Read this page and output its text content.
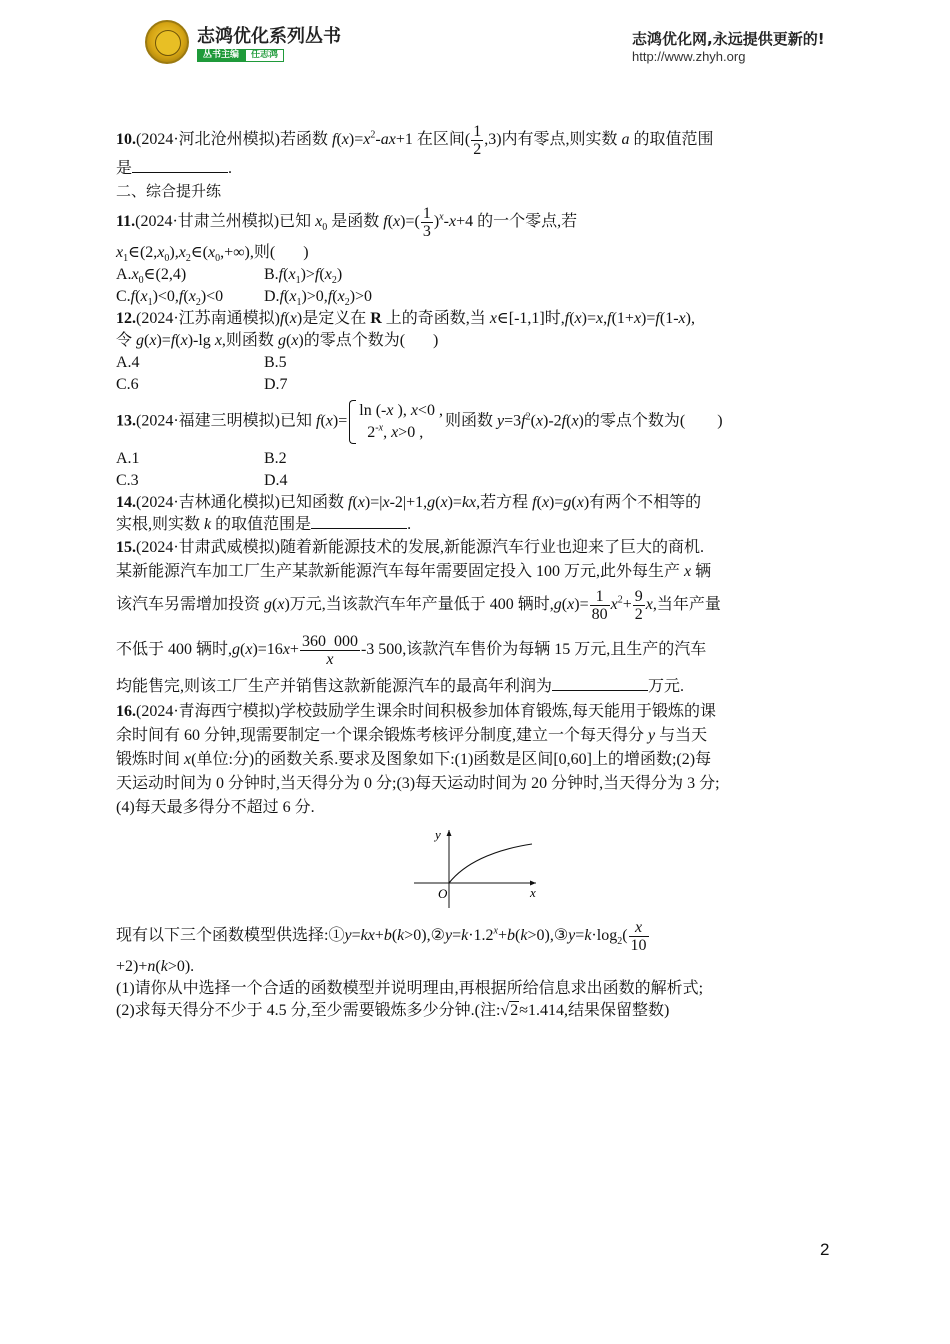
志鸿优化系列丛书
丛书主编	任志鸿
志鸿优化网,永远提供更新的!
http://www.zhyh.org

10.(2024·河北沧州模拟)若函数 $f(x)=x^2-ax+1$ 在区间( $\frac{1}{2} ,3$)内有零点,则实数 a 的取值范围

是	.

二、综合提升练

11.(2024·甘肃兰州模拟)已知 $x_0$ 是函数 $f(x)=( \frac{1}{3} )^x-x+4$ 的一个零点,若

$x_1\in(2,x_0),x_2\in(x_0,+\infty)$,则(       )

$A.x_0\in(2,4)$	$B.f(x_1)>f(x_2)$
$C.f(x_1)<0,f(x_2)<0$	$D.f(x_1)>0,f(x_2)>0$

12.(2024·江苏南通模拟)f(x)是定义在 R 上的奇函数,当 x∈[-1,1]时,f(x)=x,f(1+x)=f(1-x),

令 g(x)=f(x)-lg x,则函数 g(x)的零点个数为(       )

A.4	B.5
C.6	D.7

13.(2024·福建三明模拟)已知 f(x)=
ln (-x ), x<0 ,
$2^{-x}$, x>0 ,
则函数 $y=3f^2(x)-2f(x)$的零点个数为(        )

A.1	B.2
C.3	D.4

14.(2024·吉林通化模拟)已知函数 f(x)=|x-2|+1,g(x)=kx,若方程 f(x)=g(x)有两个不相等的

实根,则实数 k 的取值范围是	.

15.(2024·甘肃武威模拟)随着新能源技术的发展,新能源汽车行业也迎来了巨大的商机.

某新能源汽车加工厂生产某款新能源汽车每年需要固定投入 100 万元,此外每生产 x 辆

该汽车另需增加投资 g(x)万元,当该款汽车年产量低于 400 辆时$,g(x)= \frac{1}{80} x^2+ \frac{9}{2} x$,当年产量

不低于 400 辆时$,g(x)=16x+ \frac{360 000}{x} -3$ 500,该款汽车售价为每辆 15 万元,且生产的汽车

均能售完,则该工厂生产并销售这款新能源汽车的最高年利润为	万元.

16.(2024·青海西宁模拟)学校鼓励学生课余时间积极参加体育锻炼,每天能用于锻炼的课

余时间有 60 分钟,现需要制定一个课余锻炼考核评分制度,建立一个每天得分 y 与当天

锻炼时间 x(单位:分)的函数关系.要求及图象如下:(1)函数是区间[0,60]上的增函数;(2)每

天运动时间为 0 分钟时,当天得分为 0 分;(3)每天运动时间为 20 分钟时,当天得分为 3 分;

(4)每天最多得分不超过 6 分.

y
x
O

现有以下三个函数模型供选择$:①y=kx+b(k>0),②y=k\cdot 1.2^x+b(k>0),③y=k\cdot\log_2( \frac{x}{10}$

+2)+n(k>0).

(1)请你从中选择一个合适的函数模型并说明理由,再根据所给信息求出函数的解析式;

(2)求每天得分不少于 4.5 分,至少需要锻炼多少分钟.(注:√2≈1.414,结果保留整数)

2
